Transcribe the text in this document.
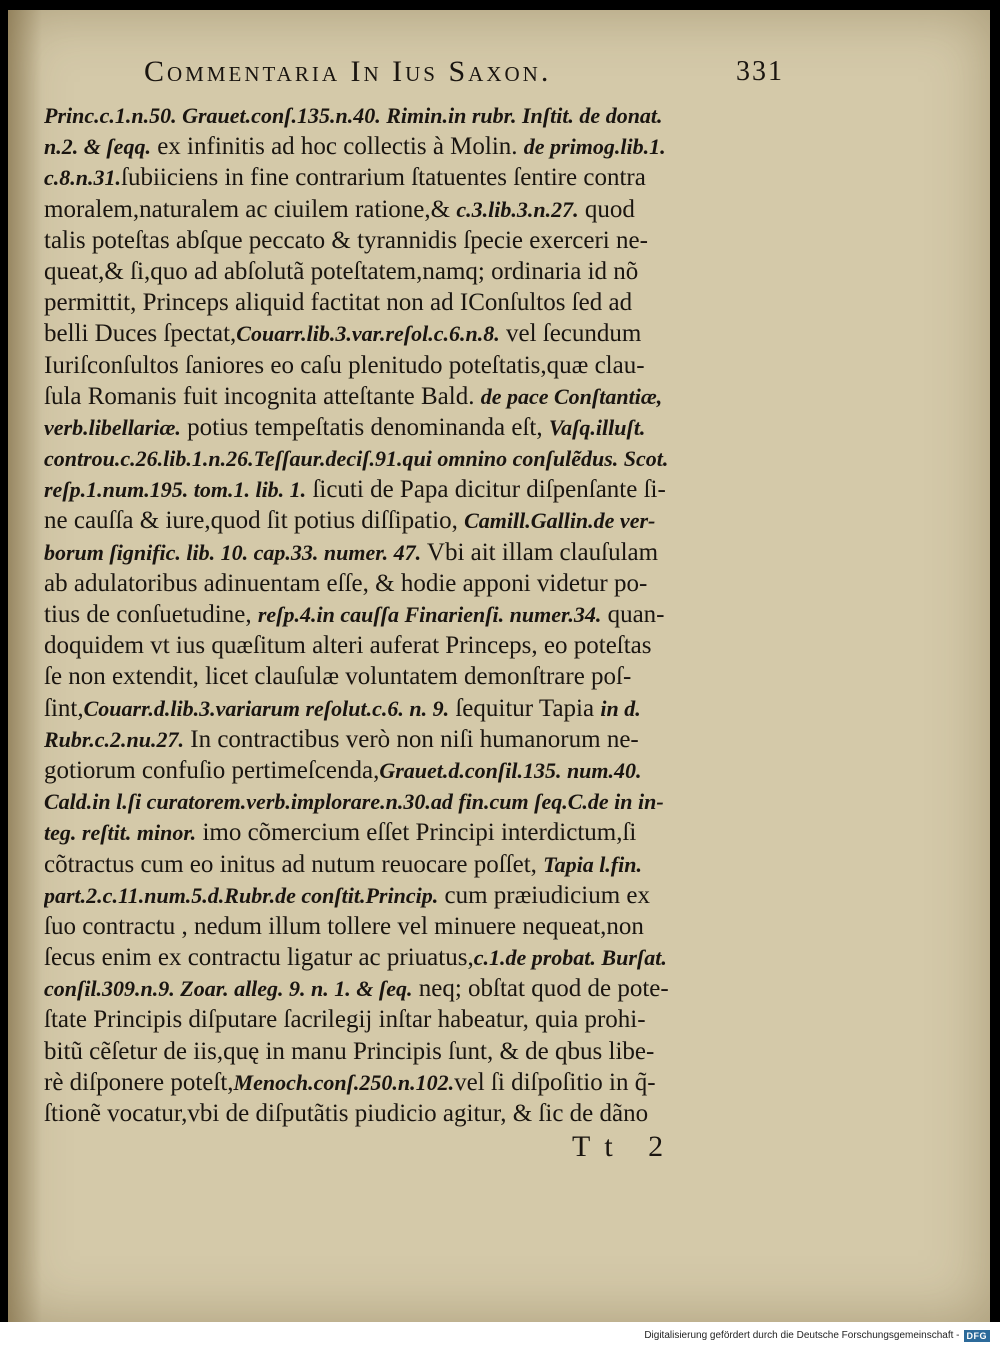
Commentaria In Ius Saxon.	331
Princ.c.1.n.50. Grauet.conſ.135.n.40. Rimin.in rubr. Inſtit. de donat.
n.2. & ſeqq. ex infinitis ad hoc collectis à Molin. de primog.lib.1.
c.8.n.31.ſubiiciens in fine contrarium ſtatuentes ſentire contra
moralem,naturalem ac ciuilem ratione,& c.3.lib.3.n.27. quod
talis poteſtas abſque peccato & tyrannidis ſpecie exerceri ne-
queat,& ſi,quo ad abſolutã poteſtatem,namq; ordinaria id nõ
permittit, Princeps aliquid factitat non ad IConſultos ſed ad
belli Duces ſpectat,Couarr.lib.3.var.reſol.c.6.n.8. vel ſecundum
Iuriſconſultos ſaniores eo caſu plenitudo poteſtatis,quæ clau-
ſula Romanis fuit incognita atteſtante Bald. de pace Conſtantiæ,
verb.libellariæ. potius tempeſtatis denominanda eſt, Vaſq.illuſt.
controu.c.26.lib.1.n.26.Teſſaur.deciſ.91.qui omnino conſulẽdus. Scot.
reſp.1.num.195. tom.1. lib. 1. ſicuti de Papa dicitur diſpenſante ſi-
ne cauſſa & iure,quod ſit potius diſſipatio, Camill.Gallin.de ver-
borum ſignific. lib. 10. cap.33. numer. 47. Vbi ait illam clauſulam
ab adulatoribus adinuentam eſſe, & hodie apponi videtur po-
tius de conſuetudine, reſp.4.in cauſſa Finarienſi. numer.34. quan-
doquidem vt ius quæſitum alteri auferat Princeps, eo poteſtas
ſe non extendit, licet clauſulæ voluntatem demonſtrare poſ-
ſint,Couarr.d.lib.3.variarum reſolut.c.6. n. 9. ſequitur Tapia in d.
Rubr.c.2.nu.27. In contractibus verò non niſi humanorum ne-
gotiorum confuſio pertimeſcenda,Grauet.d.conſil.135. num.40.
Cald.in l.ſi curatorem.verb.implorare.n.30.ad fin.cum ſeq.C.de in in-
teg. reſtit. minor. imo cõmercium eſſet Principi interdictum,ſi
cõtractus cum eo initus ad nutum reuocare poſſet, Tapia l.fin.
part.2.c.11.num.5.d.Rubr.de conſtit.Princip. cum præiudicium ex
ſuo contractu , nedum illum tollere vel minuere nequeat,non
ſecus enim ex contractu ligatur ac priuatus,c.1.de probat. Burſat.
conſil.309.n.9. Zoar. alleg. 9. n. 1. & ſeq. neq; obſtat quod de pote-
ſtate Principis diſputare ſacrilegij inſtar habeatur, quia prohi-
bitũ cẽſetur de iis,quę in manu Principis ſunt, & de qbus libe-
rè diſponere poteſt,Menoch.conſ.250.n.102.vel ſi diſpoſitio in q̃-
ſtionẽ vocatur,vbi de diſputãtis pіudicio agitur, & ſic de dãno
Tt 2
Digitalisierung gefördert durch die Deutsche Forschungsgemeinschaft - DFG
